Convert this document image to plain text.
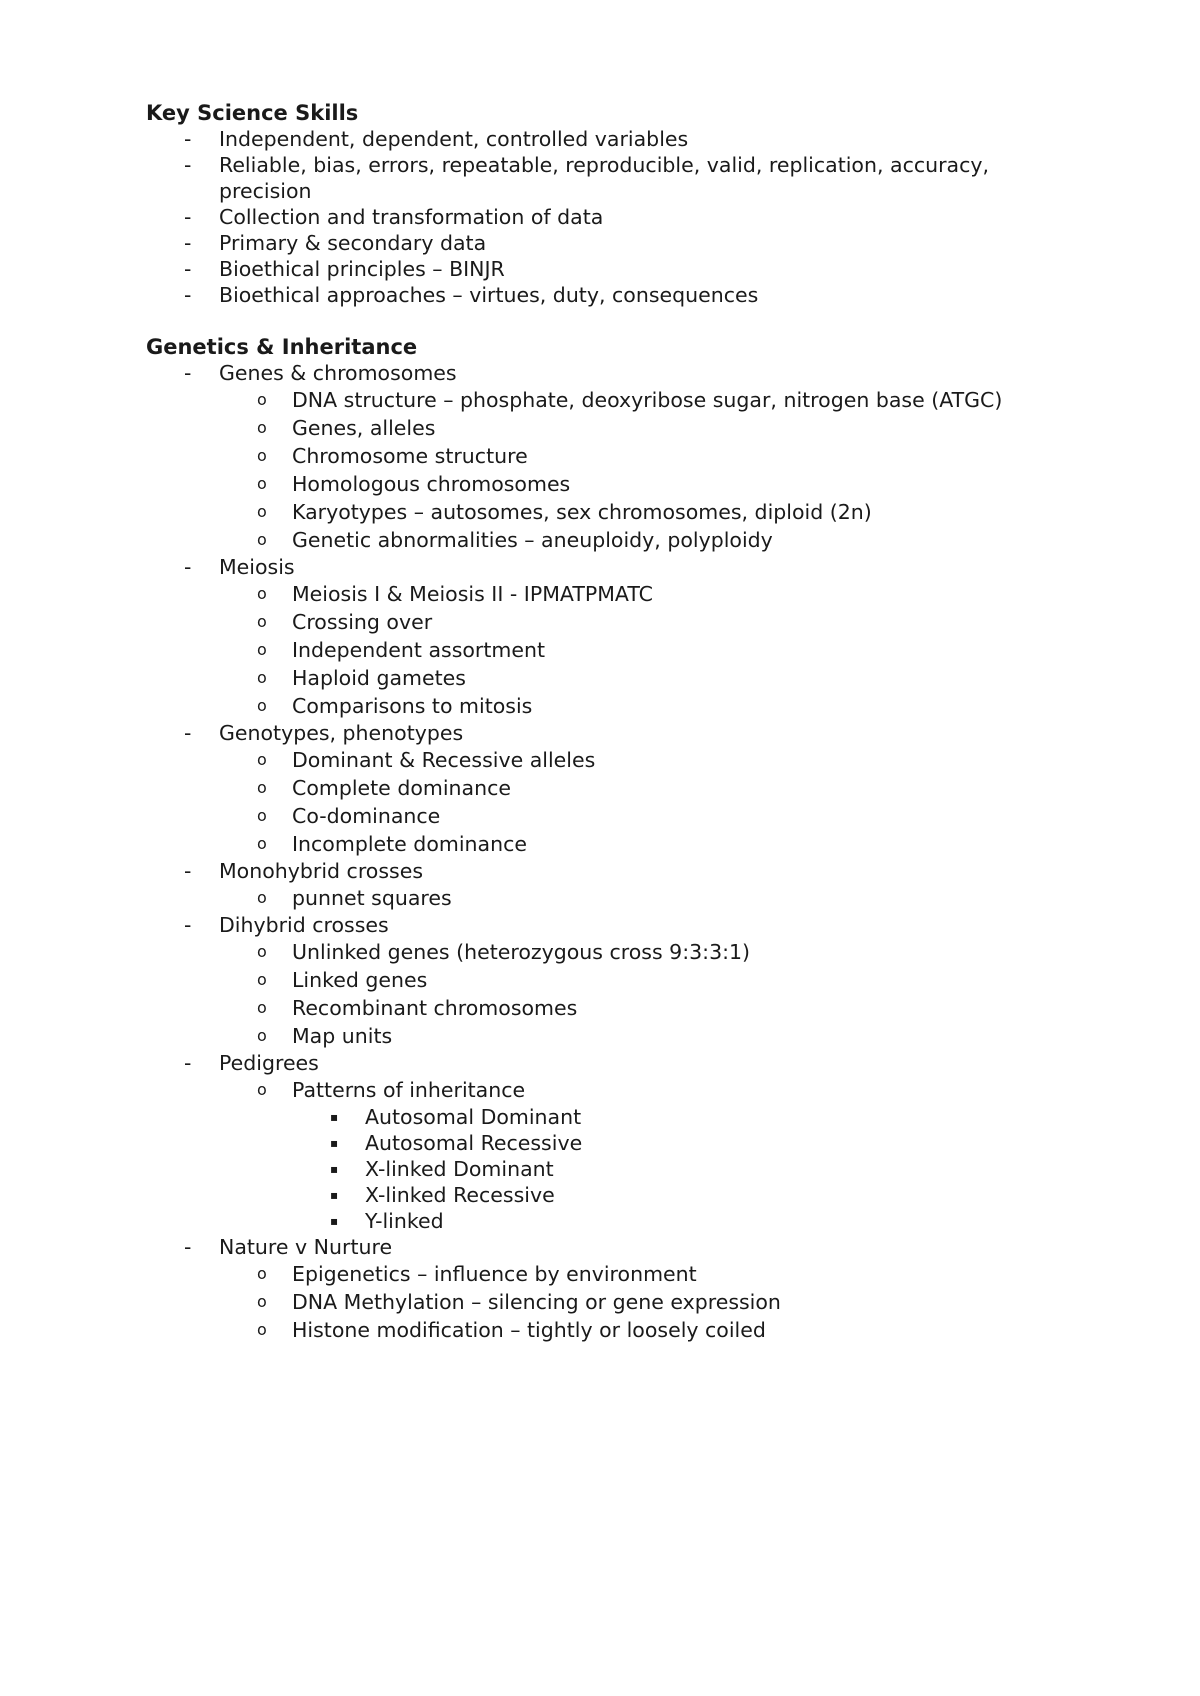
Key Science Skills
- Independent, dependent, controlled variables
- Reliable, bias, errors, repeatable, reproducible, valid, replication, accuracy, precision
- Collection and transformation of data
- Primary & secondary data
- Bioethical principles – BINJR
- Bioethical approaches – virtues, duty, consequences
Genetics & Inheritance
- Genes & chromosomes
o DNA structure – phosphate, deoxyribose sugar, nitrogen base (ATGC)
o Genes, alleles
o Chromosome structure
o Homologous chromosomes
o Karyotypes – autosomes, sex chromosomes, diploid (2n)
o Genetic abnormalities – aneuploidy, polyploidy
- Meiosis
o Meiosis I & Meiosis II - IPMATPMATC
o Crossing over
o Independent assortment
o Haploid gametes
o Comparisons to mitosis
- Genotypes, phenotypes
o Dominant & Recessive alleles
o Complete dominance
o Co-dominance
o Incomplete dominance
- Monohybrid crosses
o punnet squares
- Dihybrid crosses
o Unlinked genes (heterozygous cross 9:3:3:1)
o Linked genes
o Recombinant chromosomes
o Map units
- Pedigrees
o Patterns of inheritance
▪ Autosomal Dominant
▪ Autosomal Recessive
▪ X-linked Dominant
▪ X-linked Recessive
▪ Y-linked
- Nature v Nurture
o Epigenetics – influence by environment
o DNA Methylation – silencing or gene expression
o Histone modification – tightly or loosely coiled
